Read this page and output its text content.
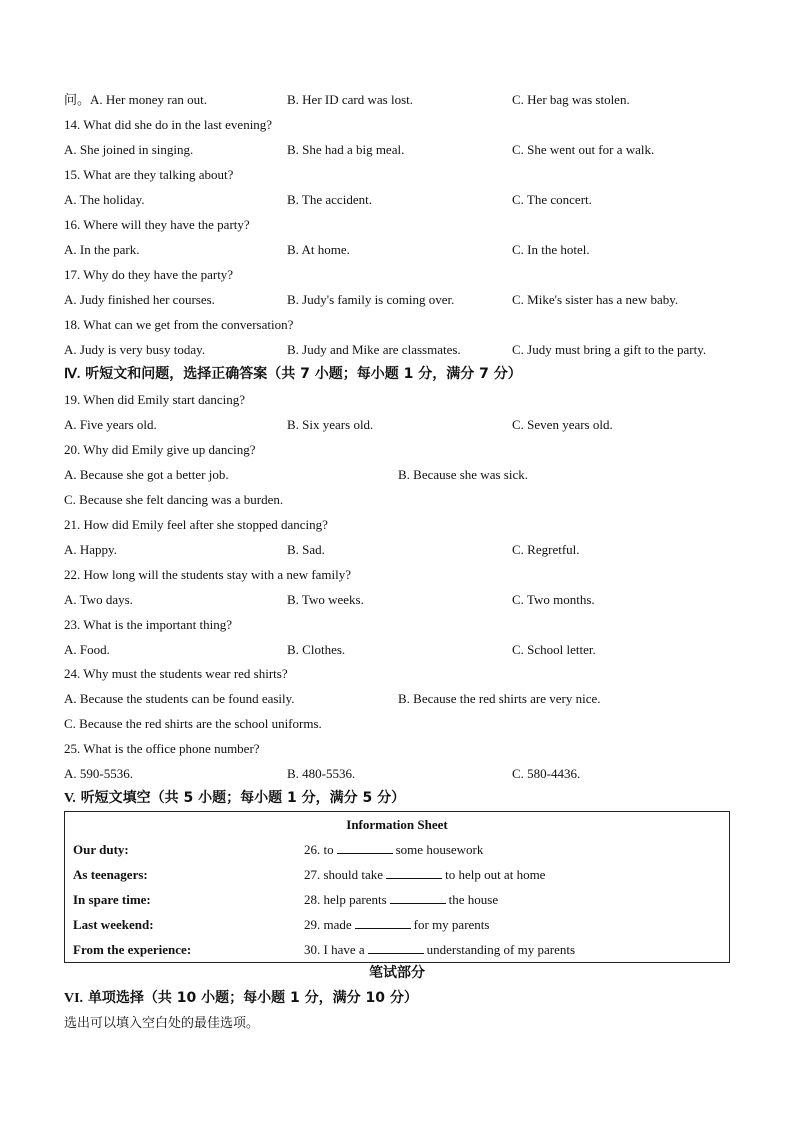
问。A. Her money ran out.	B. Her ID card was lost.	C. Her bag was stolen.
14. What did she do in the last evening?
A. She joined in singing.	B. She had a big meal.	C. She went out for a walk.
15. What are they talking about?
A. The holiday.	B. The accident.	C. The concert.
16. Where will they have the party?
A. In the park.	B. At home.	C. In the hotel.
17. Why do they have the party?
A. Judy finished her courses.	B. Judy's family is coming over.	C. Mike's sister has a new baby.
18. What can we get from the conversation?
A. Judy is very busy today.	B. Judy and Mike are classmates.	C. Judy must bring a gift to the party.
Ⅳ. 听短文和问题，选择正确答案（共 7 小题；每小题 1 分，满分 7 分）
19. When did Emily start dancing?
A. Five years old.	B. Six years old.	C. Seven years old.
20. Why did Emily give up dancing?
A. Because she got a better job.	B. Because she was sick.
C. Because she felt dancing was a burden.
21. How did Emily feel after she stopped dancing?
A. Happy.	B. Sad.	C. Regretful.
22. How long will the students stay with a new family?
A. Two days.	B. Two weeks.	C. Two months.
23. What is the important thing?
A. Food.	B. Clothes.	C. School letter.
24. Why must the students wear red shirts?
A. Because the students can be found easily.	B. Because the red shirts are very nice.
C. Because the red shirts are the school uniforms.
25. What is the office phone number?
A. 590-5536.	B. 480-5536.	C. 580-4436.
V. 听短文填空（共 5 小题；每小题 1 分，满分 5 分）
Information Sheet	
Our duty:	26. to some housework
As teenagers:	27. should take to help out at home
In spare time:	28. help parents the house
Last weekend:	29. made for my parents
From the experience:	30. I have a understanding of my parents
笔试部分
VI. 单项选择（共 10 小题；每小题 1 分，满分 10 分）
选出可以填入空白处的最佳选项。
